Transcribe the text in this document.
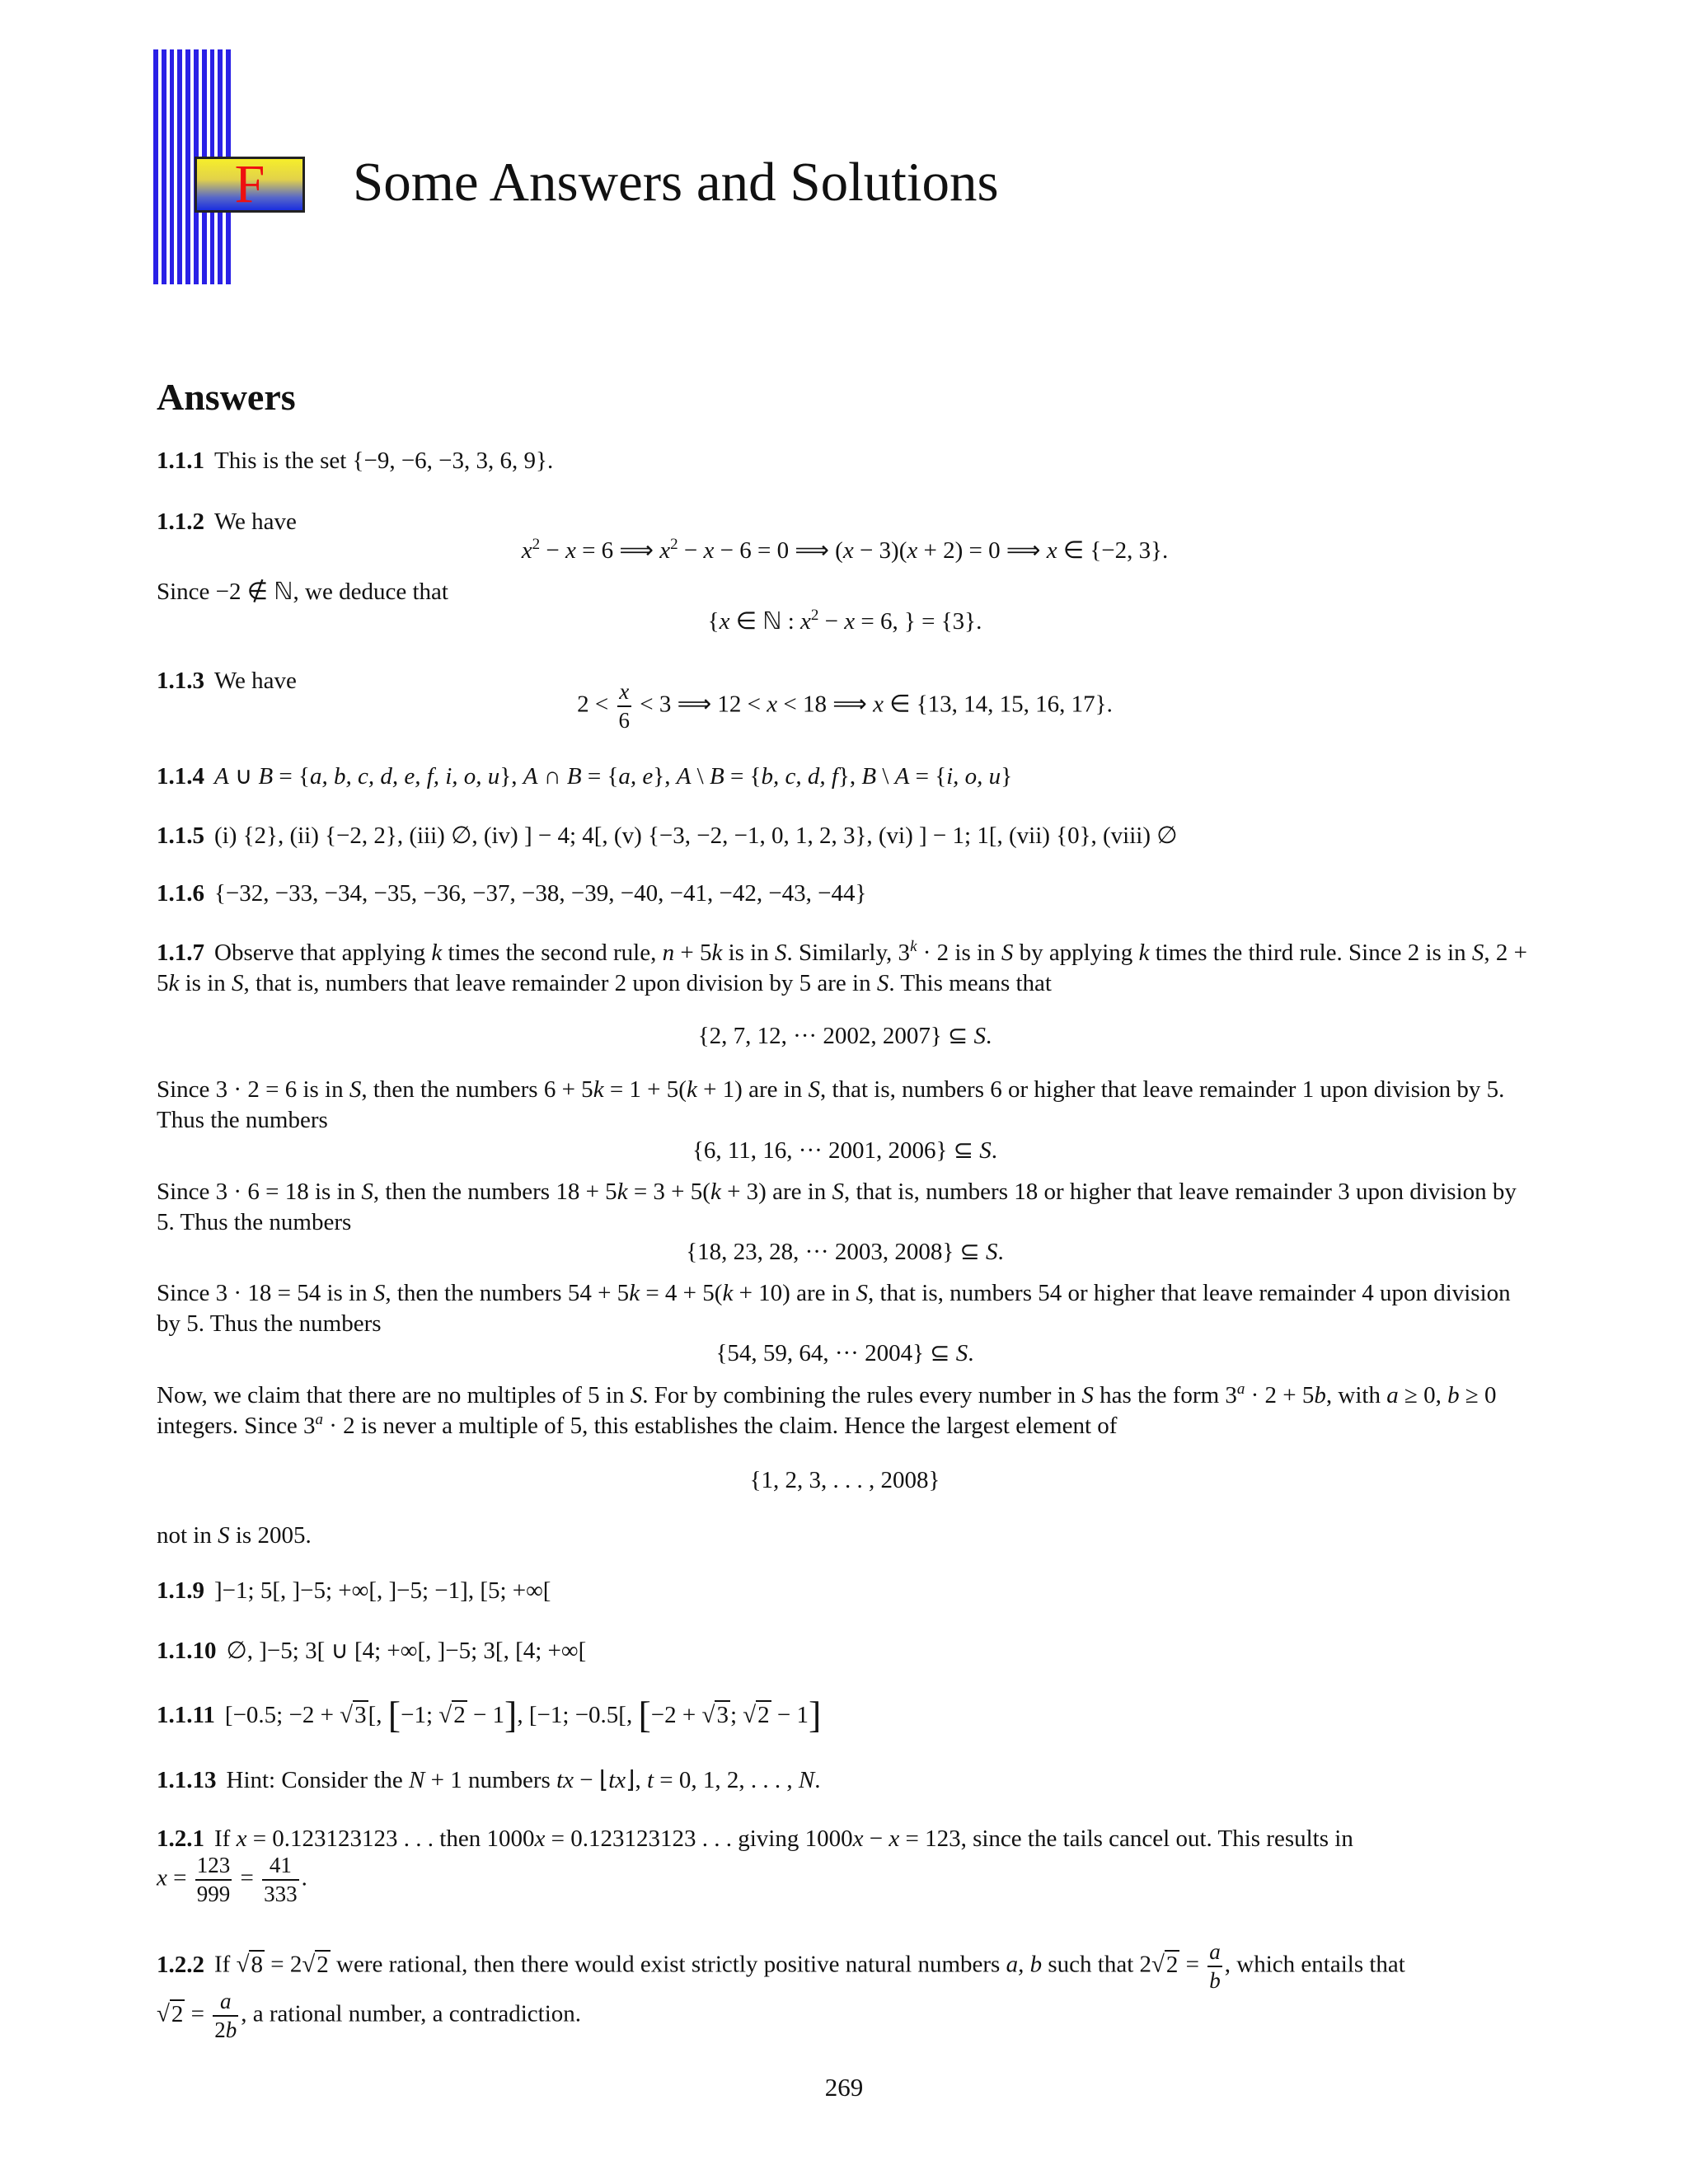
F Some Answers and Solutions
Answers
1.1.1 This is the set {−9, −6, −3, 3, 6, 9}.
1.1.2 We have
$x^2 - x = 6$ ⟹ $x^2 - x - 6 = 0$ ⟹ (x − 3)(x + 2) = 0 ⟹ x ∈ {−2, 3}.
Since −2 ∉ ℕ, we deduce that
{x ∈ ℕ : $x^2 - x = 6$, } = {3}.
1.1.3 We have
$2 < \frac{x}{6} < 3$ ⟹ 12 < x < 18 ⟹ x ∈ {13, 14, 15, 16, 17}.
1.1.4 A ∪ B = {a, b, c, d, e, f, i, o, u}, A ∩ B = {a, e}, A \ B = {b, c, d, f}, B \ A = {i, o, u}
1.1.5 (i) {2}, (ii) {−2, 2}, (iii) ∅, (iv) ] − 4; 4[, (v) {−3, −2, −1, 0, 1, 2, 3}, (vi) ] − 1; 1[, (vii) {0}, (viii) ∅
1.1.6 {−32, −33, −34, −35, −36, −37, −38, −39, −40, −41, −42, −43, −44}
1.1.7 Observe that applying k times the second rule, n + 5k is in S. Similarly, $3^k \cdot 2$ is in S by applying k times the third rule. Since 2 is in S, 2 + 5k is in S, that is, numbers that leave remainder 2 upon division by 5 are in S. This means that
{2, 7, 12, ··· 2002, 2007} ⊆ S.
Since 3 · 2 = 6 is in S, then the numbers 6 + 5k = 1 + 5(k + 1) are in S, that is, numbers 6 or higher that leave remainder 1 upon division by 5. Thus the numbers
{6, 11, 16, ··· 2001, 2006} ⊆ S.
Since 3 · 6 = 18 is in S, then the numbers 18 + 5k = 3 + 5(k + 3) are in S, that is, numbers 18 or higher that leave remainder 3 upon division by 5. Thus the numbers
{18, 23, 28, ··· 2003, 2008} ⊆ S.
Since 3 · 18 = 54 is in S, then the numbers 54 + 5k = 4 + 5(k + 10) are in S, that is, numbers 54 or higher that leave remainder 4 upon division by 5. Thus the numbers
{54, 59, 64, ··· 2004} ⊆ S.
Now, we claim that there are no multiples of 5 in S. For by combining the rules every number in S has the form $3^a \cdot 2 + 5b$, with a ≥ 0, b ≥ 0 integers. Since $3^a \cdot 2$ is never a multiple of 5, this establishes the claim. Hence the largest element of
{1, 2, 3, . . . , 2008}
not in S is 2005.
1.1.9 ]−1; 5[, ]−5; +∞[, ]−5; −1], [5; +∞[
1.1.10 ∅, ]−5; 3[ ∪ [4; +∞[, ]−5; 3[, [4; +∞[
1.1.11 [−0.5; −2 + √3[, [−1; √2 − 1], [−1; −0.5[, [−2 + √3; √2 − 1]
1.1.13 Hint: Consider the N + 1 numbers tx − ⌊tx⌋, t = 0, 1, 2, . . . , N.
1.2.1 If x = 0.123123123 . . . then 1000x = 0.123123123 . . . giving 1000x − x = 123, since the tails cancel out. This results in
$x = \frac{123}{999} = \frac{41}{333}$ .
1.2.2 If √8 = 2√2 were rational, then there would exist strictly positive natural numbers a, b such that $2√2 = \frac{a}{b}$ , which entails that
$√2 = \frac{a}{2b}$ , a rational number, a contradiction.
269
